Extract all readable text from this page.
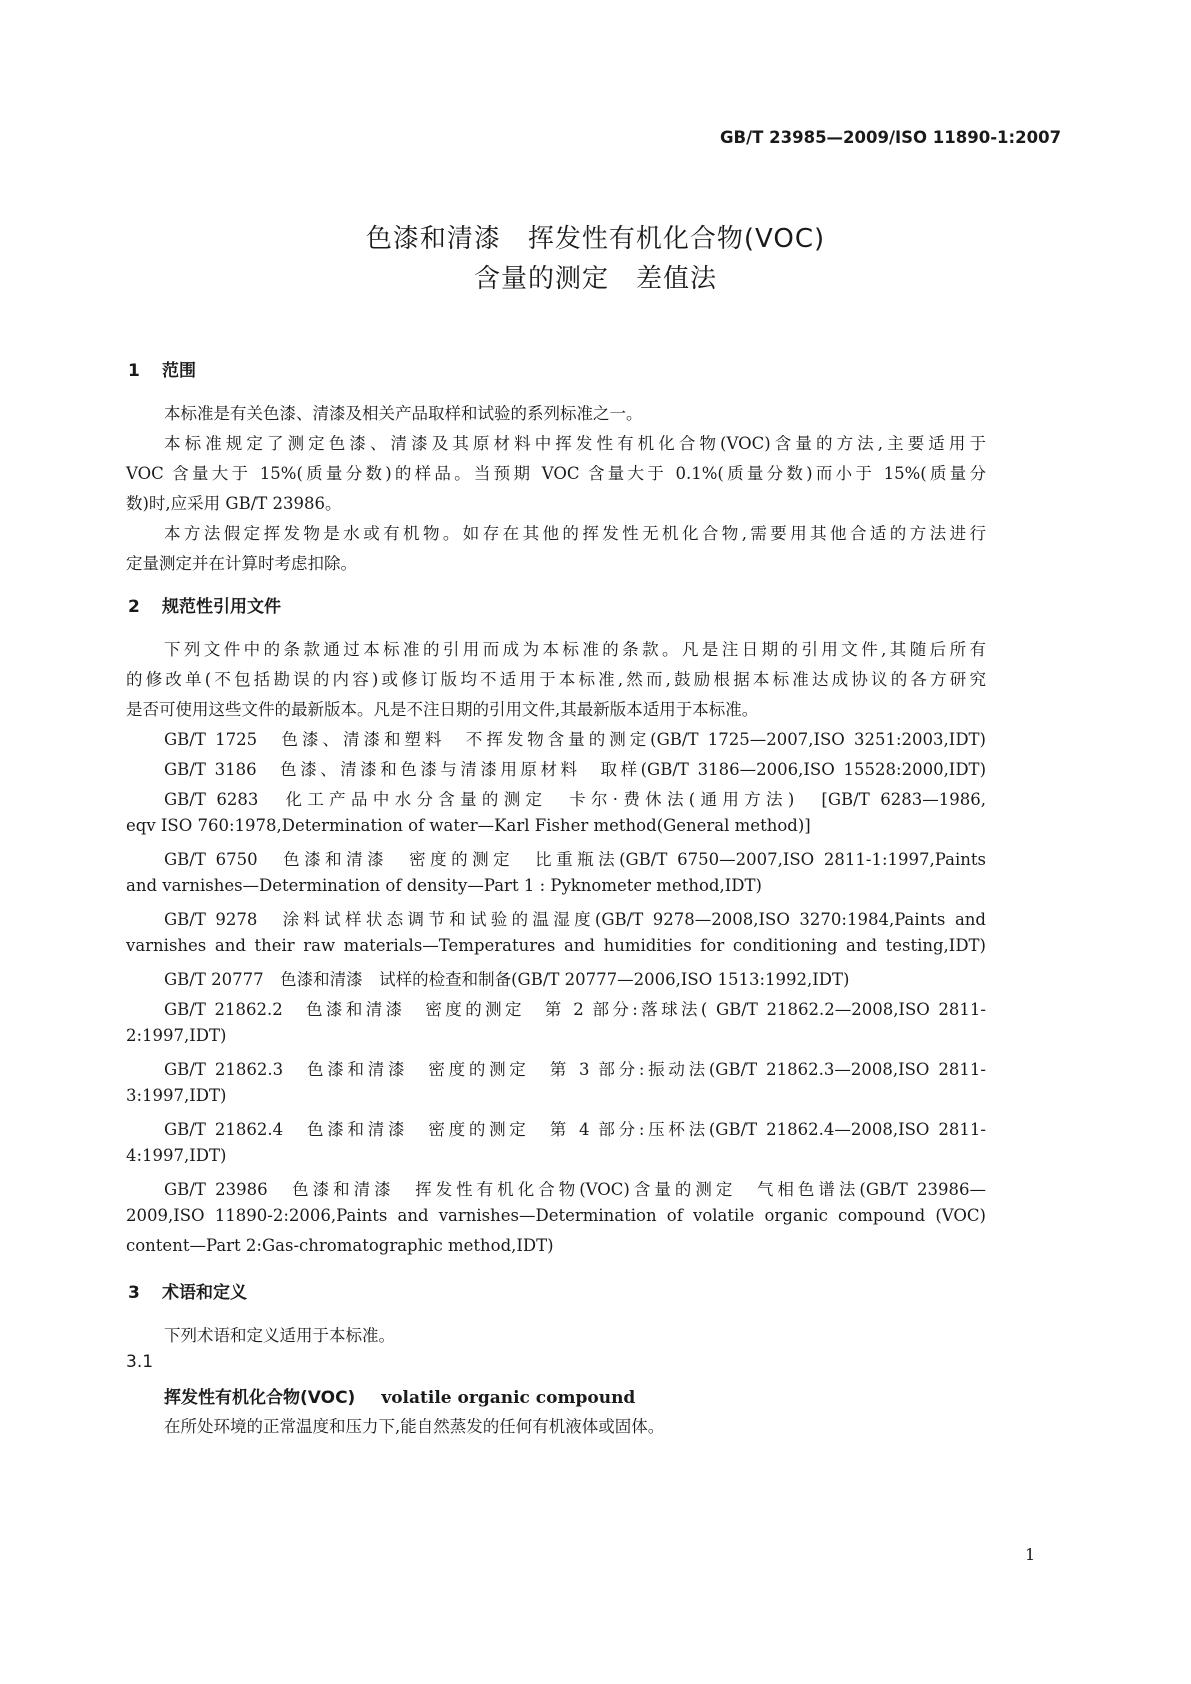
GB/T 23985—2009/ISO 11890-1:2007
色漆和清漆　挥发性有机化合物(VOC)
含量的测定　差值法
1 范围
本标准是有关色漆、清漆及相关产品取样和试验的系列标准之一。
本标准规定了测定色漆、清漆及其原材料中挥发性有机化合物(VOC)含量的方法,主要适用于
VOC 含量大于 15%(质量分数)的样品。当预期 VOC 含量大于 0.1%(质量分数)而小于 15%(质量分
数)时,应采用 GB/T 23986。
本方法假定挥发物是水或有机物。如存在其他的挥发性无机化合物,需要用其他合适的方法进行
定量测定并在计算时考虑扣除。
2 规范性引用文件
下列文件中的条款通过本标准的引用而成为本标准的条款。凡是注日期的引用文件,其随后所有
的修改单(不包括勘误的内容)或修订版均不适用于本标准,然而,鼓励根据本标准达成协议的各方研究
是否可使用这些文件的最新版本。凡是不注日期的引用文件,其最新版本适用于本标准。
GB/T 1725　色漆、清漆和塑料　不挥发物含量的测定(GB/T 1725—2007,ISO 3251:2003,IDT)
GB/T 3186　色漆、清漆和色漆与清漆用原材料　取样(GB/T 3186—2006,ISO 15528:2000,IDT)
GB/T 6283　化工产品中水分含量的测定　卡尔·费休法(通用方法)　[GB/T 6283—1986,
eqv ISO 760:1978,Determination of water—Karl Fisher method(General method)]
GB/T 6750　色漆和清漆　密度的测定　比重瓶法(GB/T 6750—2007,ISO 2811-1:1997,Paints
and varnishes—Determination of density—Part 1 : Pyknometer method,IDT)
GB/T 9278　涂料试样状态调节和试验的温湿度(GB/T 9278—2008,ISO 3270:1984,Paints and
varnishes and their raw materials—Temperatures and humidities for conditioning and testing,IDT)
GB/T 20777　色漆和清漆　试样的检查和制备(GB/T 20777—2006,ISO 1513:1992,IDT)
GB/T 21862.2　色漆和清漆　密度的测定　第 2 部分:落球法( GB/T 21862.2—2008,ISO 2811-
2:1997,IDT)
GB/T 21862.3　色漆和清漆　密度的测定　第 3 部分:振动法(GB/T 21862.3—2008,ISO 2811-
3:1997,IDT)
GB/T 21862.4　色漆和清漆　密度的测定　第 4 部分:压杯法(GB/T 21862.4—2008,ISO 2811-
4:1997,IDT)
GB/T 23986　色漆和清漆　挥发性有机化合物(VOC)含量的测定　气相色谱法(GB/T 23986—
2009,ISO 11890-2:2006,Paints and varnishes—Determination of volatile organic compound (VOC)
content—Part 2:Gas-chromatographic method,IDT)
3 术语和定义
下列术语和定义适用于本标准。
3.1
挥发性有机化合物(VOC) volatile organic compound
在所处环境的正常温度和压力下,能自然蒸发的任何有机液体或固体。
1
